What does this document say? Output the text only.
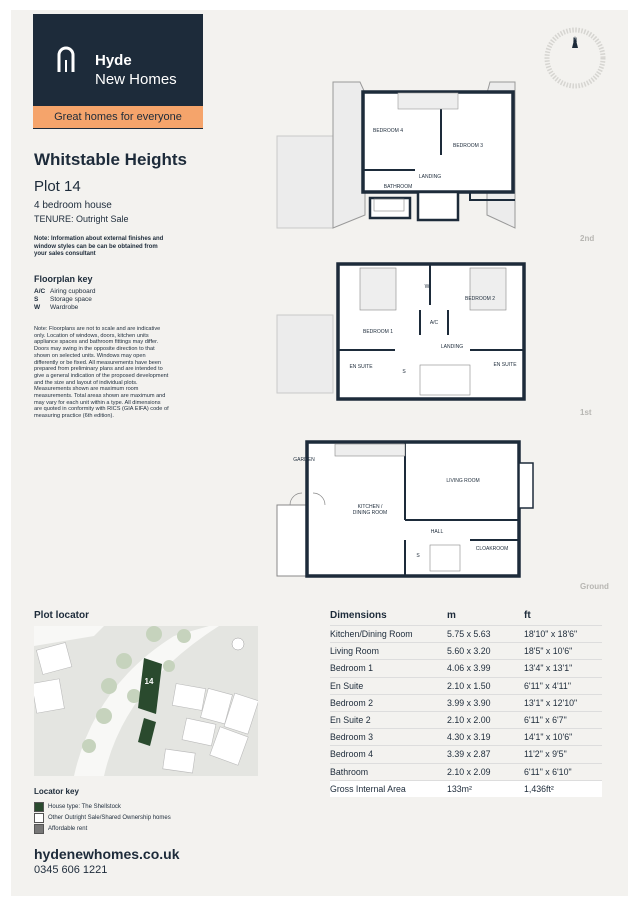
Hyde
New Homes
Great homes for everyone
Whitstable Heights
Plot 14
4 bedroom house
TENURE: Outright Sale
Note: Information about external finishes and window styles can be can be obtained from your sales consultant
Floorplan key
A/C Airing cupboard
S Storage space
W Wardrobe
Note: Floorplans are not to scale and are indicative only. Location of windows, doors, kitchen units appliance spaces and bathroom fittings may differ. Doors may swing in the opposite direction to that shown on selected units. Windows may open differently or be fixed. All measurements have been prepared from preliminary plans and are intended to give a general indication of the proposed development and the size and layout of individual plots. Measurements shown are maximum room measurements. Total areas shown are maximum and may vary for each unit within a type. All dimensions are quoted in conformity with RICS (GIA EIFA) code of measuring practice (6th edition).
N
BEDROOM 4
BEDROOM 3
LANDING
BATHROOM
BEDROOM 1
BEDROOM 2
A/C
LANDING
W
EN SUITE	EN SUITE
S
GARDEN
KITCHEN /
DINING ROOM
LIVING ROOM
HALL
CLOAKROOM
S
2nd
1st
Ground
Plot locator
14
Locator key
House type: The Shellstock
Other Outright Sale/Shared Ownership homes
Affordable rent
hydenewhomes.co.uk
0345 606 1221
Dimensions	m	ft
Kitchen/Dining Room	5.75 x 5.63	18'10" x 18'6"
Living Room	5.60 x 3.20	18'5" x 10'6"
Bedroom 1	4.06 x 3.99	13'4" x 13'1"
En Suite	2.10 x 1.50	6'11" x 4'11"
Bedroom 2	3.99 x 3.90	13'1" x 12'10"
En Suite 2	2.10 x 2.00	6'11" x 6'7"
Bedroom 3	4.30 x 3.19	14'1" x 10'6"
Bedroom 4	3.39 x 2.87	11'2" x 9'5"
Bathroom	2.10 x 2.09	6'11" x 6'10"
Gross Internal Area	133m²	1,436ft²
